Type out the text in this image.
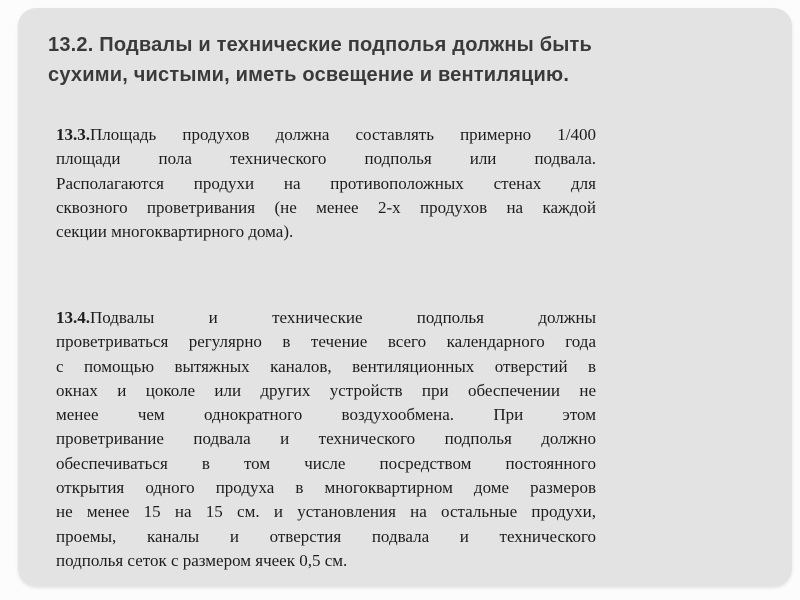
13.2. Подвалы и технические подполья должны быть
сухими, чистыми, иметь освещение и вентиляцию.
13.3.Площадь продухов должна составлять примерно 1/400
площади пола технического подполья или подвала.
Располагаются продухи на противоположных стенах для
сквозного проветривания (не менее 2-х продухов на каждой
секции многоквартирного дома).
13.4.Подвалы и технические подполья должны
проветриваться регулярно в течение всего календарного года
с помощью вытяжных каналов, вентиляционных отверстий в
окнах и цоколе или других устройств при обеспечении не
менее чем однократного воздухообмена. При этом
проветривание подвала и технического подполья должно
обеспечиваться в том числе посредством постоянного
открытия одного продуха в многоквартирном доме размеров
не менее 15 на 15 см. и установления на остальные продухи,
проемы, каналы и отверстия подвала и технического
подполья сеток с размером ячеек 0,5 см.
